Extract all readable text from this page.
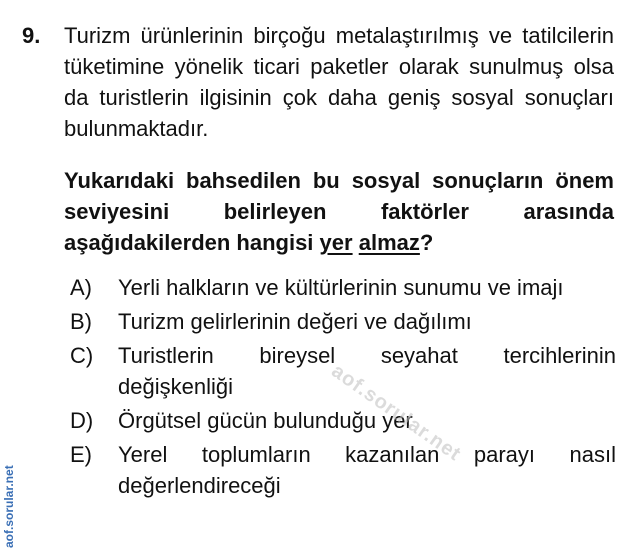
9. Turizm ürünlerinin birçoğu metalaştırılmış ve tatilcilerin tüketimine yönelik ticari paketler olarak sunulmuş olsa da turistlerin ilgisinin çok daha geniş sosyal sonuçları bulunmaktadır.

Yukarıdaki bahsedilen bu sosyal sonuçların önem seviyesini belirleyen faktörler arasında aşağıdakilerden hangisi yer almaz?

A)	Yerli halkların ve kültürlerinin sunumu ve imajı
B)	Turizm gelirlerinin değeri ve dağılımı
C)	Turistlerin bireysel seyahat tercihlerinin değişkenliği
D)	Örgütsel gücün bulunduğu yer
E)	Yerel toplumların kazanılan parayı nasıl değerlendireceği
aof.sorular.net
aof.sorular.net
